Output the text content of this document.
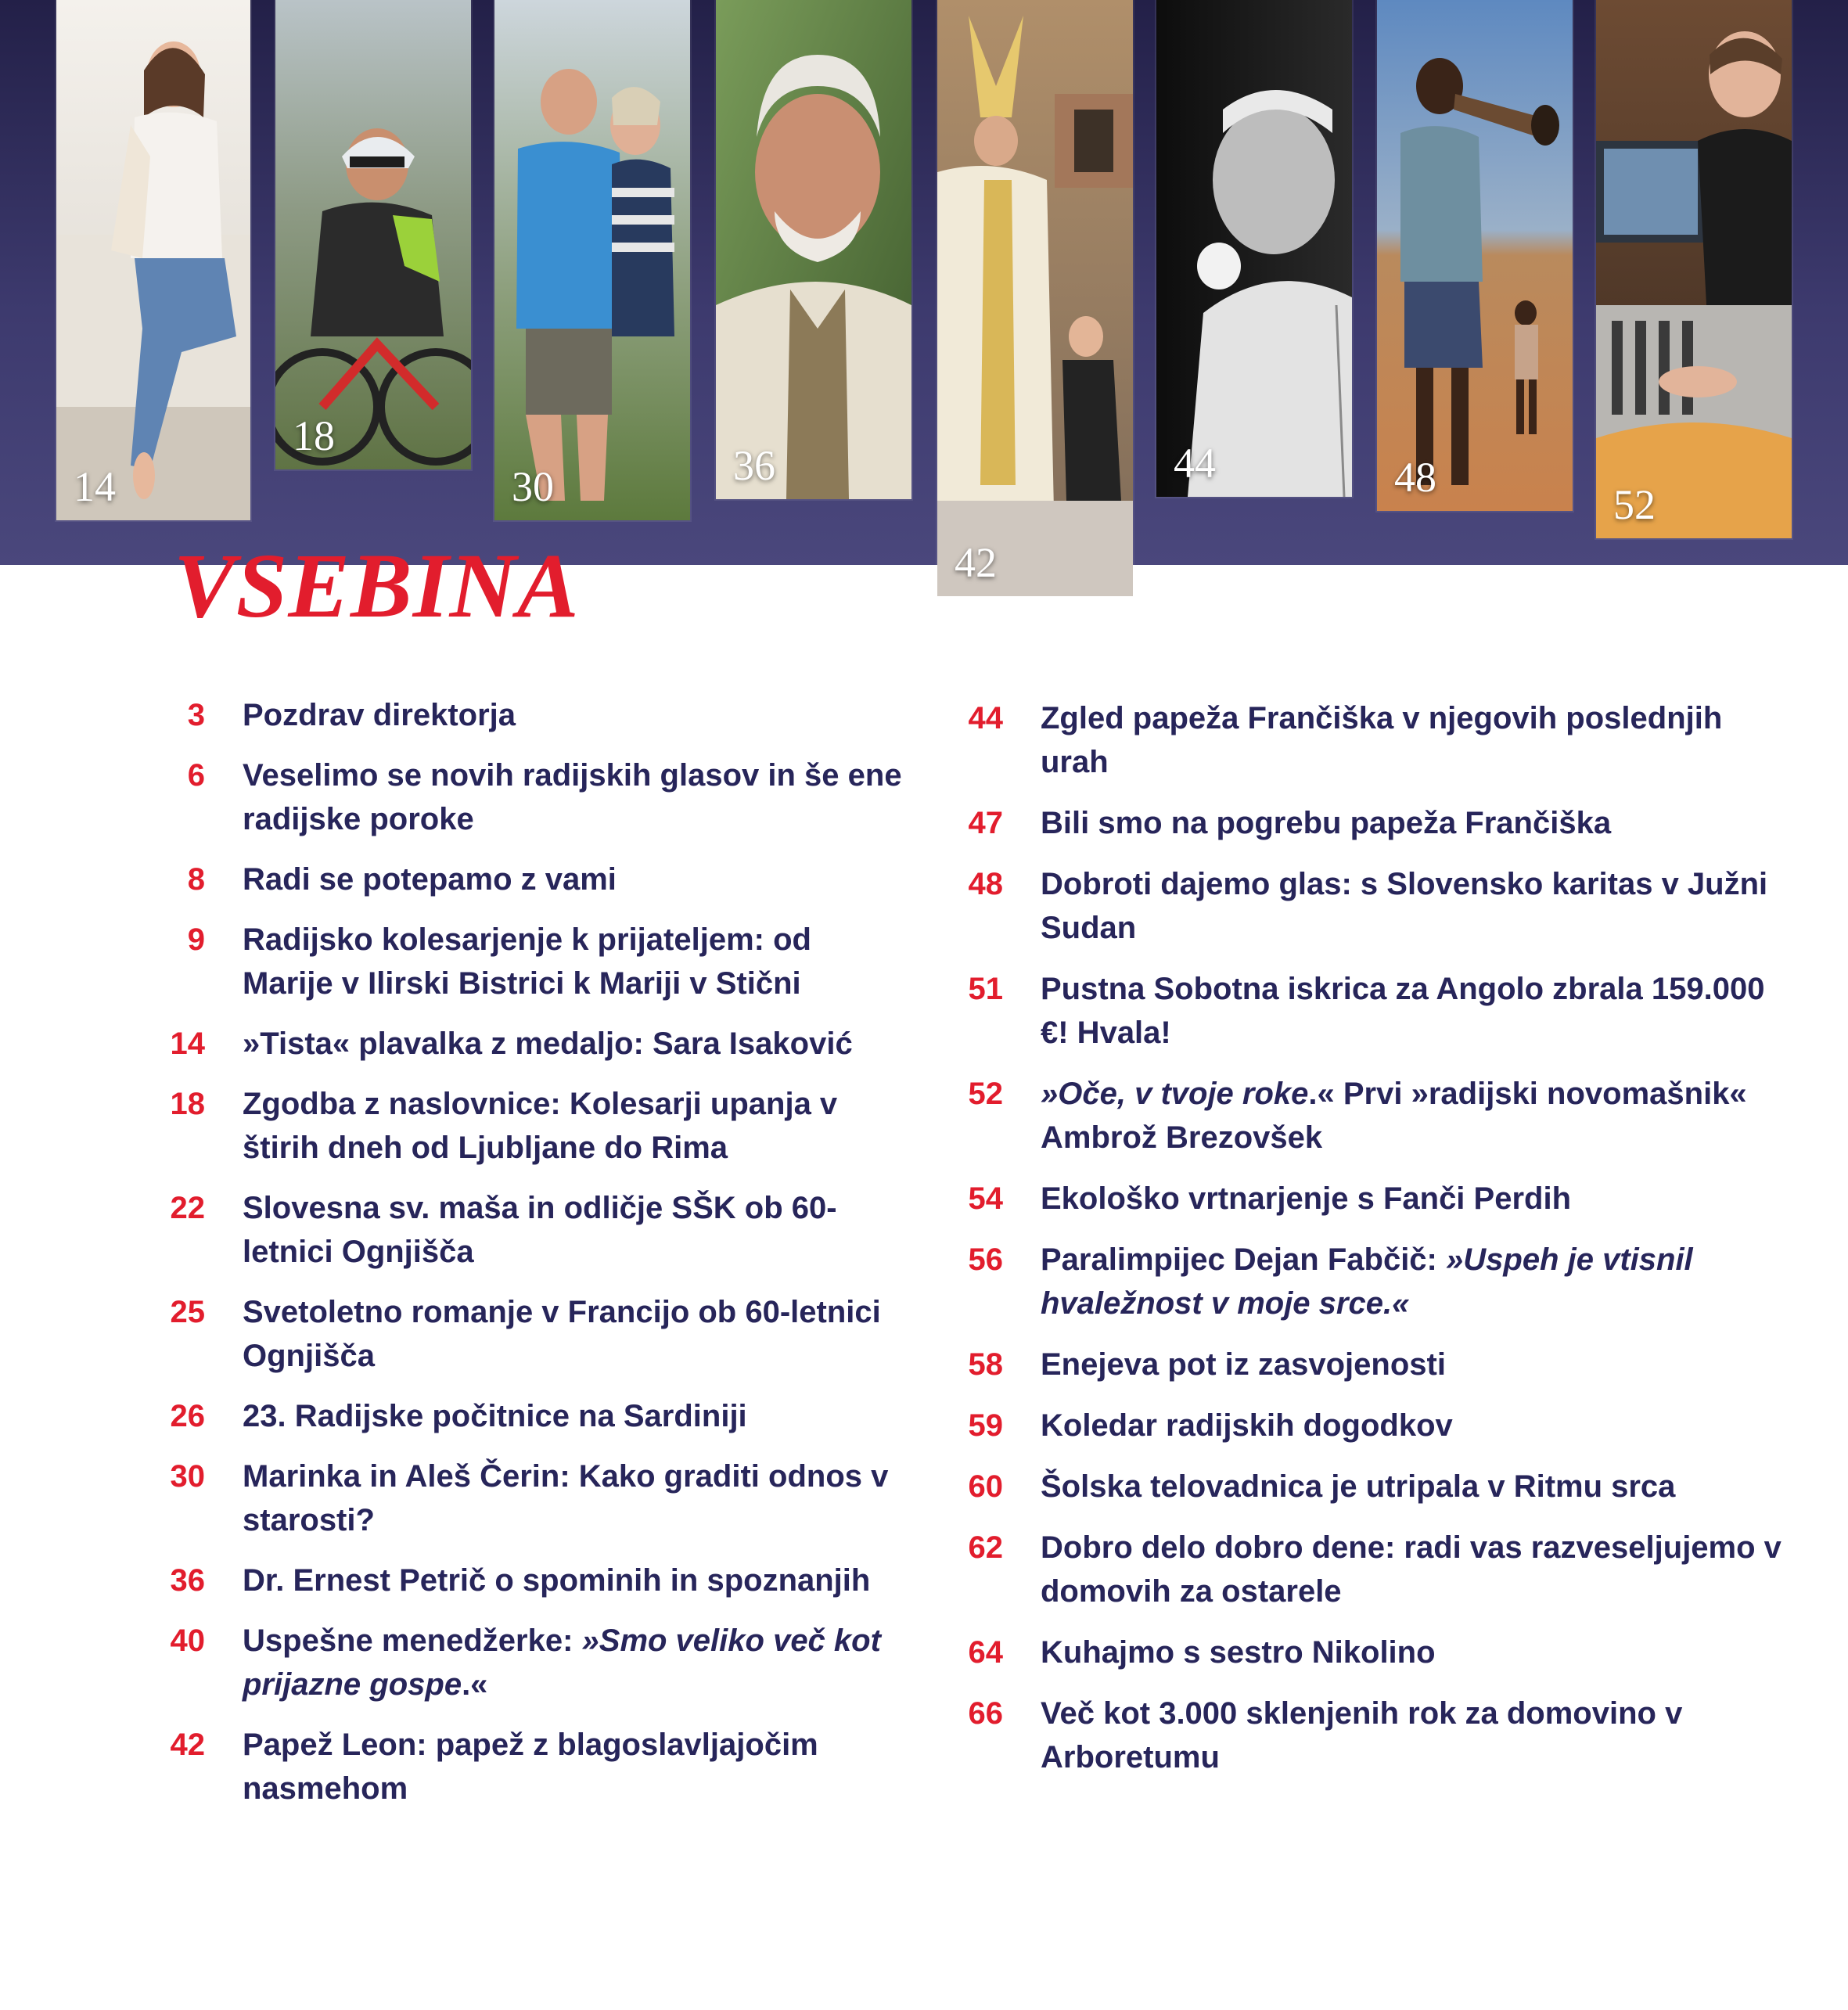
14
18
30	36
42
44	48
52
VSEBINA
3 Pozdrav direktorja
6 Veselimo se novih radijskih glasov in še ene radijske poroke
8 Radi se potepamo z vami
9 Radijsko kolesarjenje k prijateljem: od Marije v Ilirski Bistrici k Mariji v Stični
14 »Tista« plavalka z medaljo: Sara Isaković
18 Zgodba z naslovnice: Kolesarji upanja v štirih dneh od Ljubljane do Rima
22 Slovesna sv. maša in odličje SŠK ob 60-letnici Ognjišča
25 Svetoletno romanje v Francijo ob 60-letnici Ognjišča
26 23. Radijske počitnice na Sardiniji
30 Marinka in Aleš Čerin: Kako graditi odnos v starosti?
36 Dr. Ernest Petrič o spominih in spoznanjih
40 Uspešne menedžerke: »Smo veliko več kot prijazne gospe.«
42 Papež Leon: papež z blagoslavljajočim nasmehom
44 Zgled papeža Frančiška v njegovih poslednjih urah
47 Bili smo na pogrebu papeža Frančiška
48 Dobroti dajemo glas: s Slovensko karitas v Južni Sudan
51 Pustna Sobotna iskrica za Angolo zbrala 159.000 €! Hvala!
52 »Oče, v tvoje roke.« Prvi »radijski novomašnik« Ambrož Brezovšek
54 Ekološko vrtnarjenje s Fanči Perdih
56 Paralimpijec Dejan Fabčič: »Uspeh je vtisnil hvaležnost v moje srce.«
58 Enejeva pot iz zasvojenosti
59 Koledar radijskih dogodkov
60 Šolska telovadnica je utripala v Ritmu srca
62 Dobro delo dobro dene: radi vas razveseljujemo v domovih za ostarele
64 Kuhajmo s sestro Nikolino
66 Več kot 3.000 sklenjenih rok za domovino v Arboretumu
